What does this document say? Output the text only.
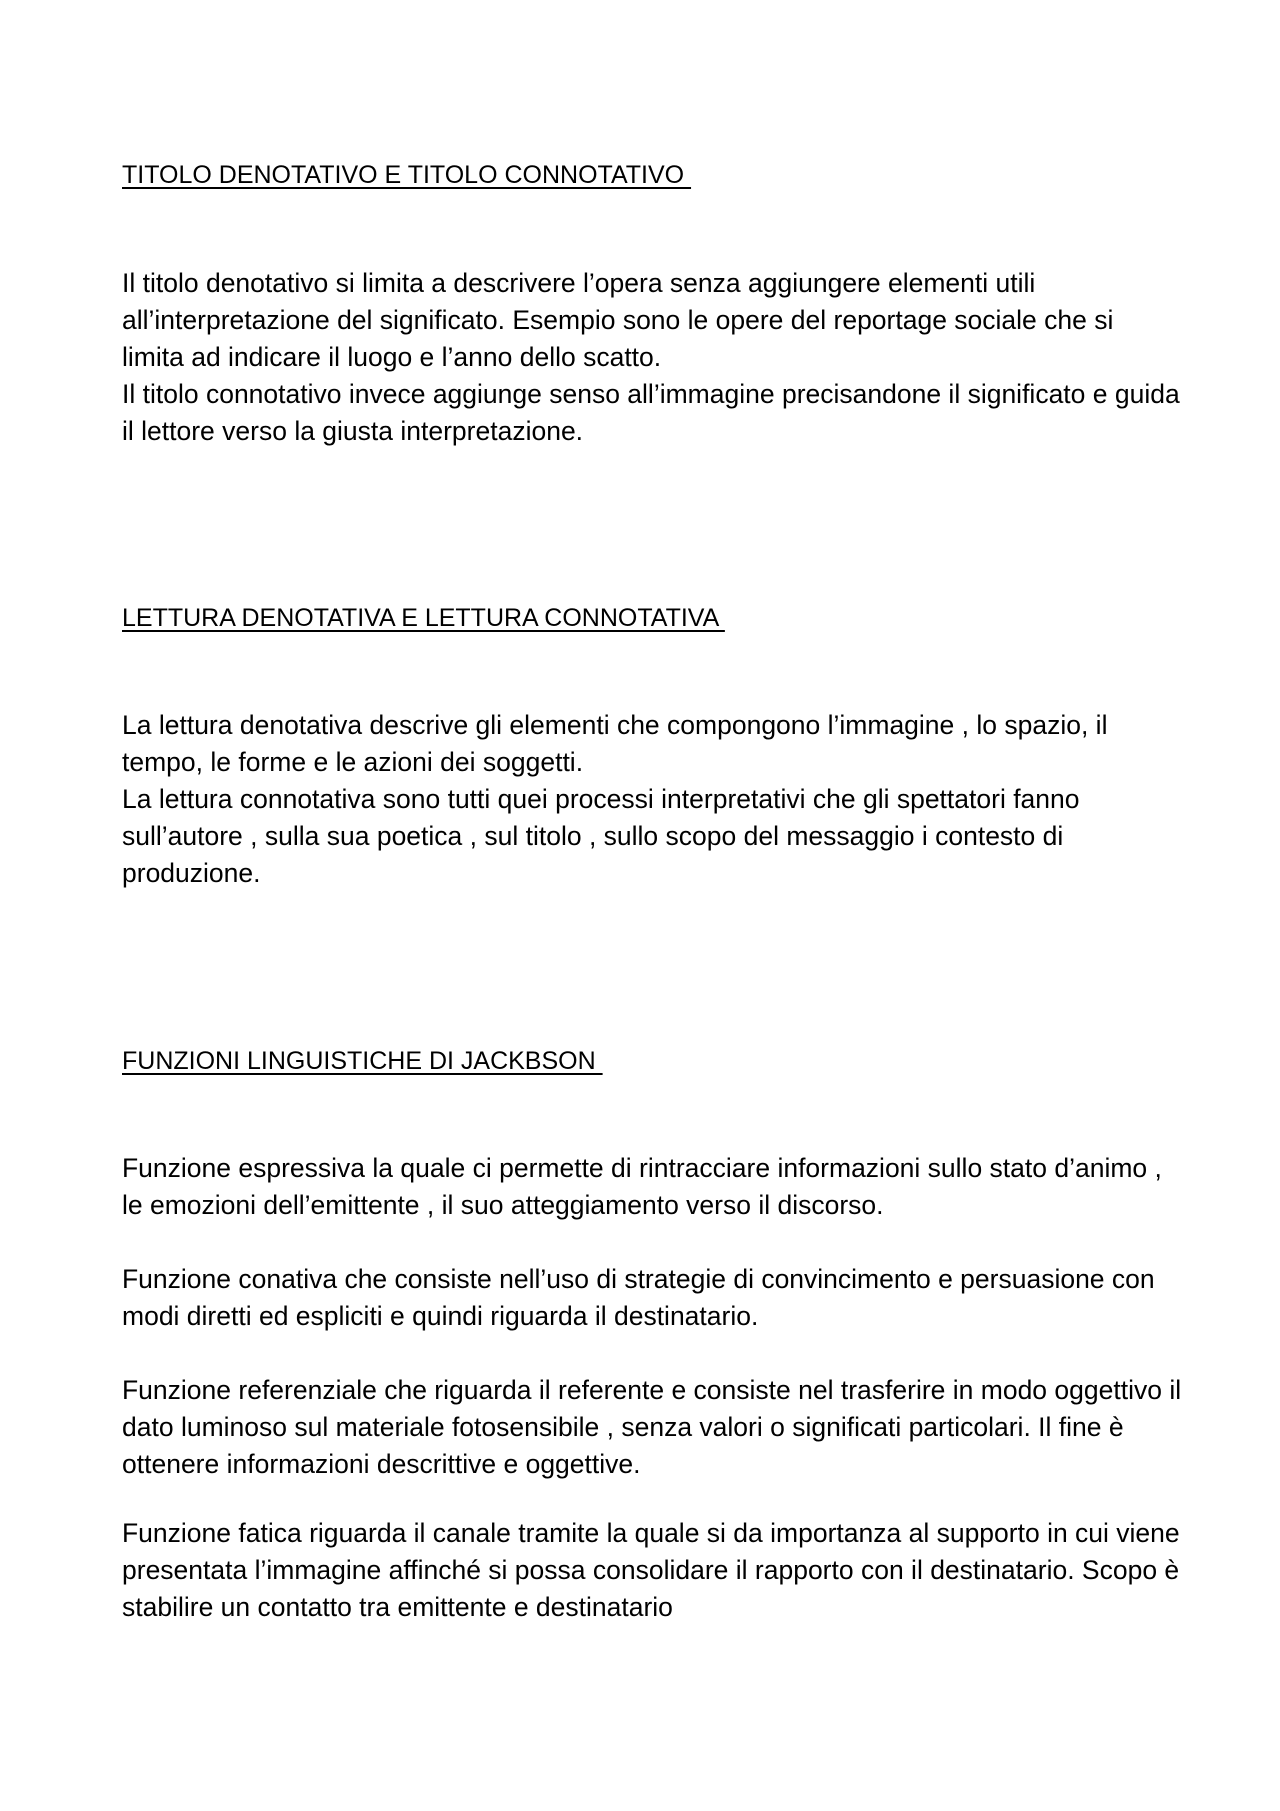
TITOLO DENOTATIVO E TITOLO CONNOTATIVO

Il titolo denotativo si limita a descrivere l’opera senza aggiungere elementi utili all’interpretazione del significato. Esempio sono le opere del reportage sociale che si limita ad indicare il luogo e l’anno dello scatto.

Il titolo connotativo invece aggiunge senso all’immagine precisandone il significato e guida il lettore verso la giusta interpretazione.

LETTURA DENOTATIVA E LETTURA CONNOTATIVA

La lettura denotativa descrive gli elementi che compongono l’immagine , lo spazio, il tempo, le forme e le azioni dei soggetti.

La lettura connotativa sono tutti quei processi interpretativi che gli spettatori fanno sull’autore , sulla sua poetica , sul titolo , sullo scopo del messaggio i contesto di produzione.

FUNZIONI LINGUISTICHE DI JACKBSON

Funzione espressiva la quale ci permette di rintracciare informazioni sullo stato d’animo , le emozioni dell’emittente , il suo atteggiamento verso il discorso.

Funzione conativa che consiste nell’uso di strategie di convincimento e persuasione con modi diretti ed espliciti e quindi riguarda il destinatario.

Funzione referenziale che riguarda il referente e consiste nel trasferire in modo oggettivo il dato luminoso sul materiale fotosensibile , senza valori o significati particolari. Il fine è ottenere informazioni descrittive e oggettive.

Funzione fatica riguarda il canale tramite la quale si da importanza al supporto in cui viene presentata l’immagine affinché si possa consolidare il rapporto con il destinatario. Scopo è stabilire un contatto tra emittente e destinatario
